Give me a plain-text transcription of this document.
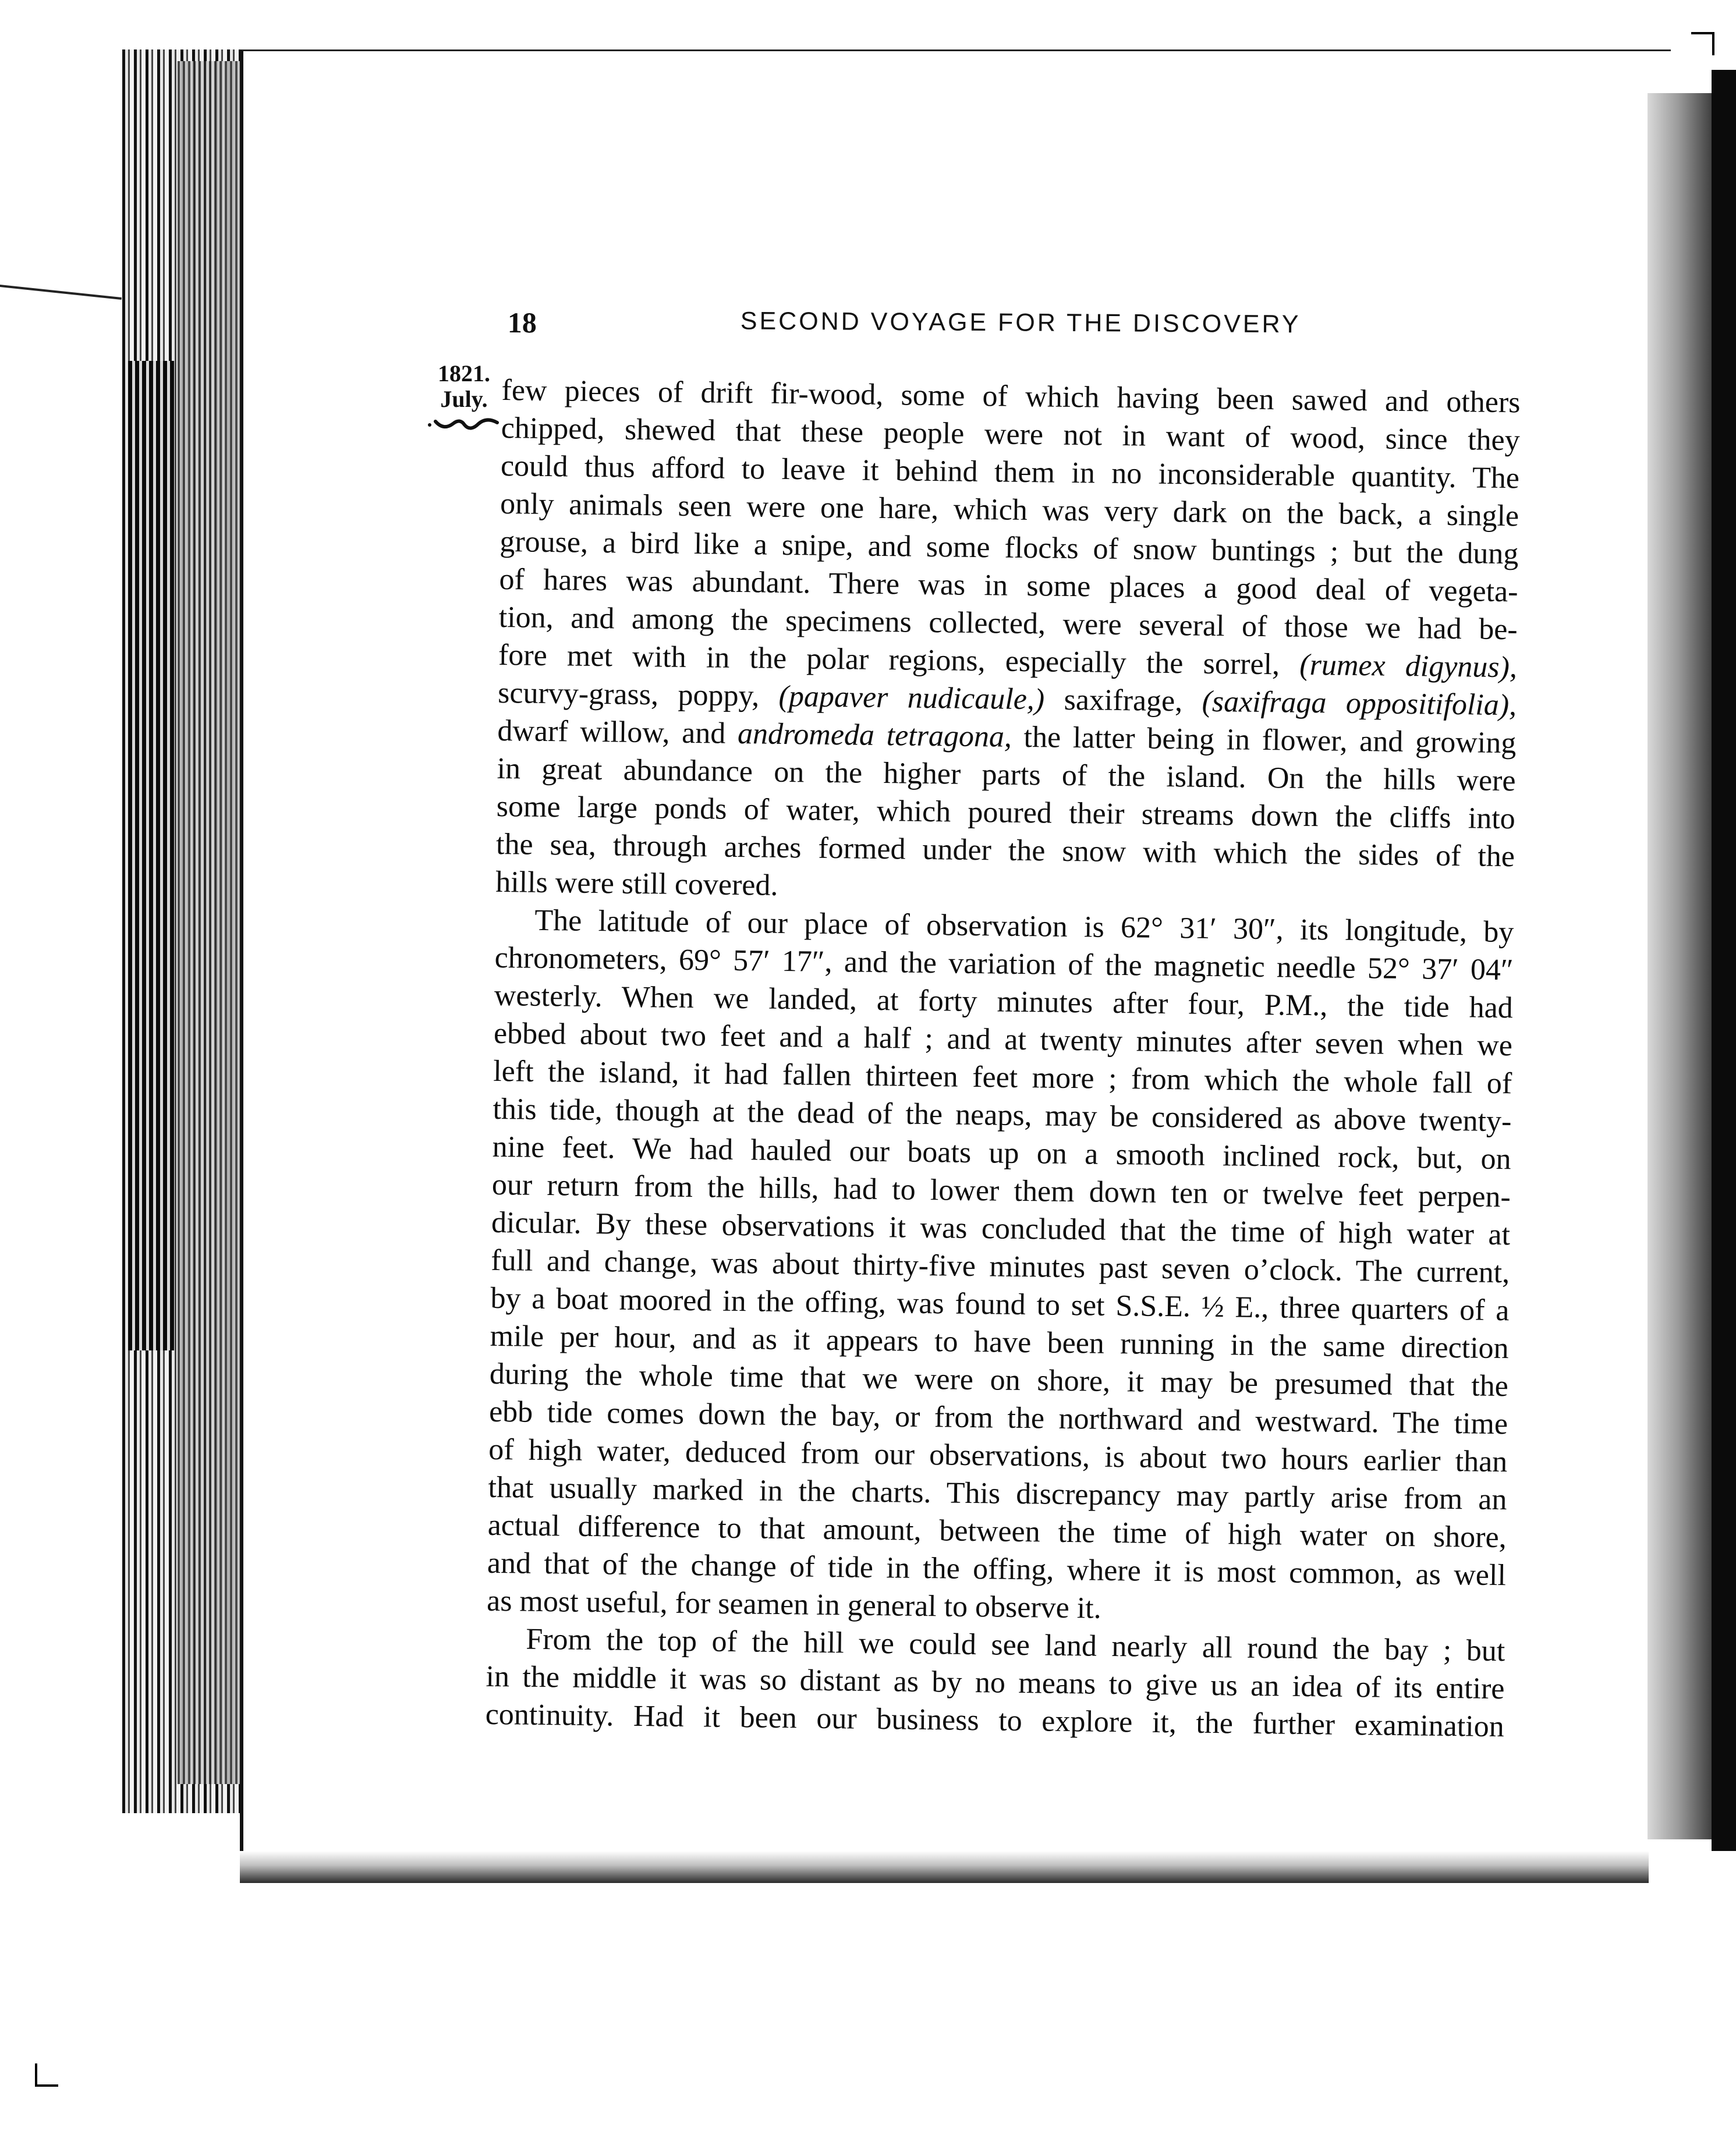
18	SECOND VOYAGE FOR THE DISCOVERY
1821.
July. few pieces of drift fir-wood, some of which having been sawed and others
chipped, shewed that these people were not in want of wood, since they
could thus afford to leave it behind them in no inconsiderable quantity. The
only animals seen were one hare, which was very dark on the back, a single
grouse, a bird like a snipe, and some flocks of snow buntings ; but the dung
of hares was abundant. There was in some places a good deal of vegeta-
tion, and among the specimens collected, were several of those we had be-
fore met with in the polar regions, especially the sorrel, (rumex digynus),
scurvy-grass, poppy, (papaver nudicaule,) saxifrage, (saxifraga oppositifolia),
dwarf willow, and andromeda tetragona, the latter being in flower, and growing
in great abundance on the higher parts of the island. On the hills were
some large ponds of water, which poured their streams down the cliffs into
the sea, through arches formed under the snow with which the sides of the
hills were still covered.
The latitude of our place of observation is 62° 31′ 30″, its longitude, by
chronometers, 69° 57′ 17″, and the variation of the magnetic needle 52° 37′ 04″
westerly. When we landed, at forty minutes after four, P.M., the tide had
ebbed about two feet and a half ; and at twenty minutes after seven when we
left the island, it had fallen thirteen feet more ; from which the whole fall of
this tide, though at the dead of the neaps, may be considered as above twenty-
nine feet. We had hauled our boats up on a smooth inclined rock, but, on
our return from the hills, had to lower them down ten or twelve feet perpen-
dicular. By these observations it was concluded that the time of high water at
full and change, was about thirty-five minutes past seven o’clock. The current,
by a boat moored in the offing, was found to set S.S.E. ½ E., three quarters of a
mile per hour, and as it appears to have been running in the same direction
during the whole time that we were on shore, it may be presumed that the
ebb tide comes down the bay, or from the northward and westward. The time
of high water, deduced from our observations, is about two hours earlier than
that usually marked in the charts. This discrepancy may partly arise from an
actual difference to that amount, between the time of high water on shore,
and that of the change of tide in the offing, where it is most common, as well
as most useful, for seamen in general to observe it.
From the top of the hill we could see land nearly all round the bay ; but
in the middle it was so distant as by no means to give us an idea of its entire
continuity. Had it been our business to explore it, the further examination
